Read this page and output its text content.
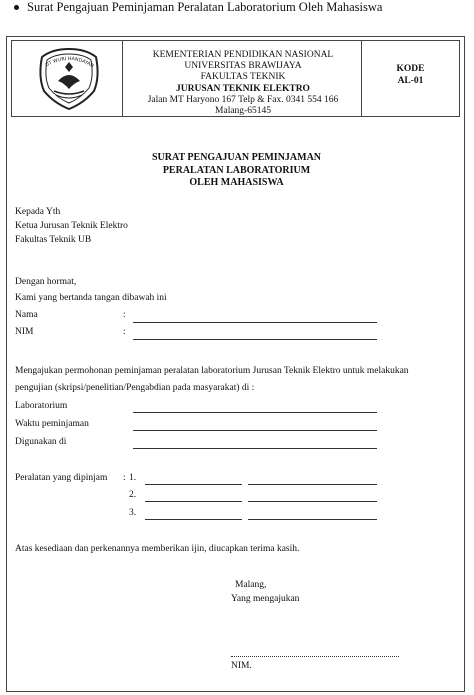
Surat Pengajuan Peminjaman Peralatan Laboratorium Oleh Mahasiswa
UT WURI HANDAYAN
KEMENTERIAN PENDIDIKAN NASIONAL
UNIVERSITAS BRAWIJAYA
FAKULTAS TEKNIK
JURUSAN TEKNIK ELEKTRO
Jalan MT Haryono 167 Telp & Fax. 0341 554 166
Malang-65145
KODE
AL-01
SURAT PENGAJUAN PEMINJAMAN
PERALATAN LABORATORIUM
OLEH MAHASISWA
Kepada Yth
Ketua Jurusan Teknik Elektro
Fakultas Teknik UB
Dengan hormat,
Kami yang bertanda tangan dibawah ini
Nama	:
NIM	:
Mengajukan permohonan peminjaman peralatan laboratorium Jurusan Teknik Elektro untuk melakukan
pengujian (skripsi/penelitian/Pengabdian pada masyarakat) di :
Laboratorium
Waktu peminjaman
Digunakan di
Peralatan yang dipinjam : 1.
2.
3.
Atas kesediaan dan perkenannya memberikan ijin, diucapkan terima kasih.
Malang,
Yang mengajukan
NIM.
